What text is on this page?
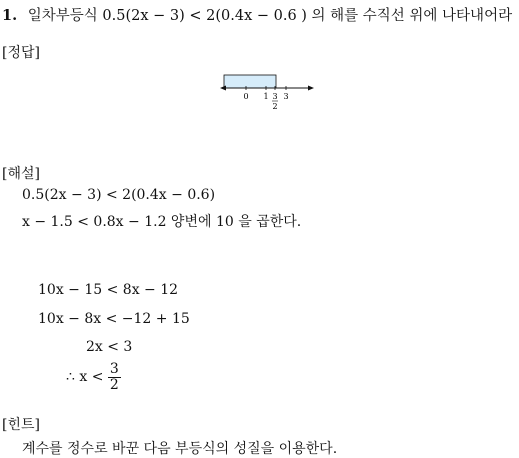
1. 일차부등식 0.5(2x − 3) < 2(0.4x − 0.6 ) 의 해를 수직선 위에 나타내어라
[정답]
0 1 3
2
3
[해설]
0.5(2x − 3) < 2(0.4x − 0.6)
x − 1.5 < 0.8x − 1.2 양변에 10 을 곱한다.
10x − 15 < 8x − 12
10x − 8x < −12 + 15
2x < 3
∴ $x < \frac{3}{2}$
[힌트]
계수를 정수로 바꾼 다음 부등식의 성질을 이용한다.
